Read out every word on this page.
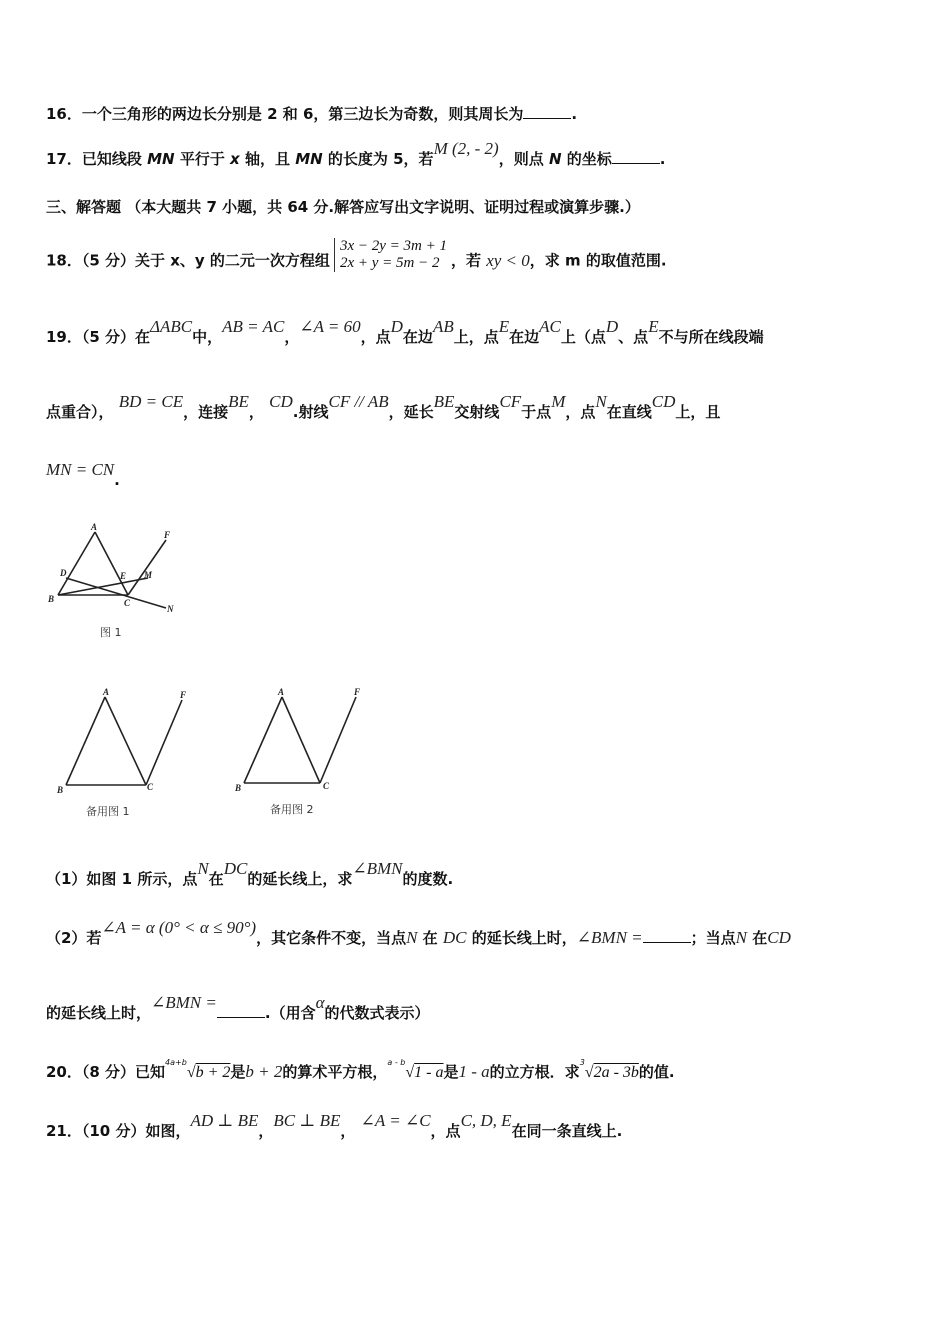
16．一个三角形的两边长分别是 2 和 6，第三边长为奇数，则其周长为	.
17．已知线段 MN 平行于 x 轴，且 MN 的长度为 5，若M (2, - 2)，则点 N 的坐标	.
三、解答题 （本大题共 7 小题，共 64 分.解答应写出文字说明、证明过程或演算步骤.）
18．（5 分）关于 x、y 的二元一次方程组
3x − 2y = 3m + 1
2x + y = 5m − 2 ，若 xy < 0，求 m 的取值范围.
19．（5 分）在ΔABC中，AB = AC，∠A = 60，点D在边AB上，点E在边AC上（点D、点E不与所在线段端
点重合）， BD = CE，连接BE， CD.射线CF // AB，延长BE交射线CF于点M，点N在直线CD上，且
MN = CN.
A
B	C
D	E
F
M
N
图 1
A
B	C
F
备用图 1
A
B	C
F
备用图 2
（1）如图 1 所示，点N在DC的延长线上，求∠BMN的度数.
（2）若∠A = α (0° < α ≤ 90°)，其它条件不变，当点N 在 DC 的延长线上时，∠BMN =	；当点N 在CD
的延长线上时，∠BMN =.（用含α的代数式表示）
20．（8 分）已知$^{4a+b}$√b + 2是b + 2的算术平方根，$^{a - b}$√1 - a是1 - a的立方根．求$^3$√2a - 3b的值.
21．（10 分）如图，AD ⊥ BE，BC ⊥ BE， ∠A = ∠C，点C, D, E在同一条直线上.
